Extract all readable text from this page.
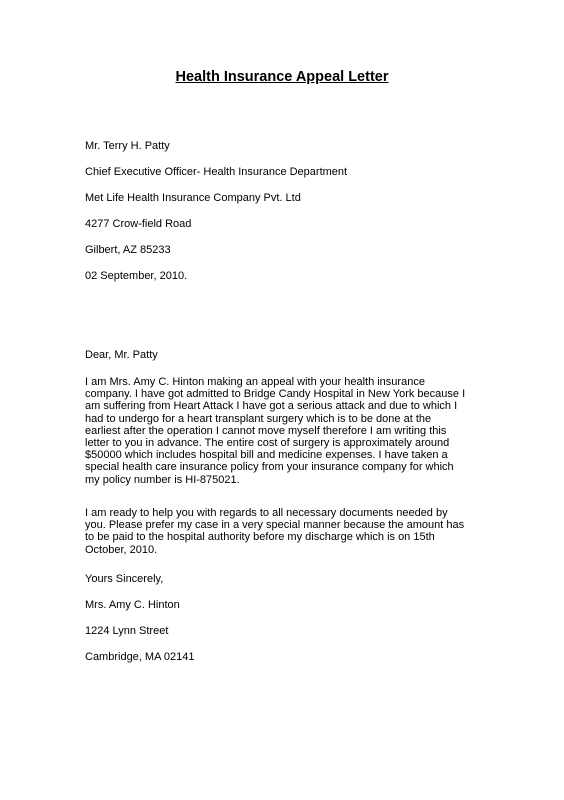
Health Insurance Appeal Letter
Mr. Terry H. Patty
Chief Executive Officer- Health Insurance Department
Met Life Health Insurance Company Pvt. Ltd
4277 Crow-field Road
Gilbert, AZ 85233
02 September, 2010.
Dear, Mr. Patty
I am Mrs. Amy C. Hinton making an appeal with your health insurance
company. I have got admitted to Bridge Candy Hospital in New York because I
am suffering from Heart Attack I have got a serious attack and due to which I
had to undergo for a heart transplant surgery which is to be done at the
earliest after the operation I cannot move myself therefore I am writing this
letter to you in advance. The entire cost of surgery is approximately around
$50000 which includes hospital bill and medicine expenses. I have taken a
special health care insurance policy from your insurance company for which
my policy number is HI-875021.
I am ready to help you with regards to all necessary documents needed by
you. Please prefer my case in a very special manner because the amount has
to be paid to the hospital authority before my discharge which is on 15th
October, 2010.
Yours Sincerely,
Mrs. Amy C. Hinton
1224 Lynn Street
Cambridge, MA 02141
